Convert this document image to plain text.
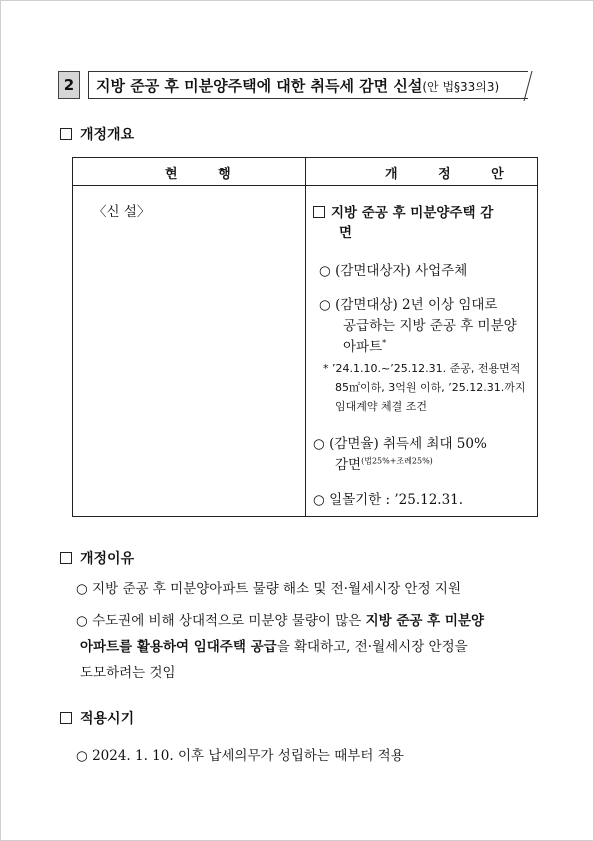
2	지방 준공 후 미분양주택에 대한 취득세 감면 신설(안 법§33의3)
개정개요
현 행	개 정 안
〈신 설〉	지방 준공 후 미분양주택 감
면
○ (감면대상자) 사업주체
○ (감면대상) 2년 이상 임대로
공급하는 지방 준공 후 미분양
아파트*
* ’24.1.10.~’25.12.31. 준공, 전용면적
85㎡이하, 3억원 이하, ’25.12.31.까지
임대계약 체결 조건
○ (감면율) 취득세 최대 50%
감면$^{(법25\%+조례25\%)}$
○ 일몰기한 : ’25.12.31.
개정이유
○ 지방 준공 후 미분양아파트 물량 해소 및 전·월세시장 안정 지원
○ 수도권에 비해 상대적으로 미분양 물량이 많은 지방 준공 후 미분양
아파트를 활용하여 임대주택 공급을 확대하고, 전·월세시장 안정을
도모하려는 것임
적용시기
○ 2024. 1. 10. 이후 납세의무가 성립하는 때부터 적용
